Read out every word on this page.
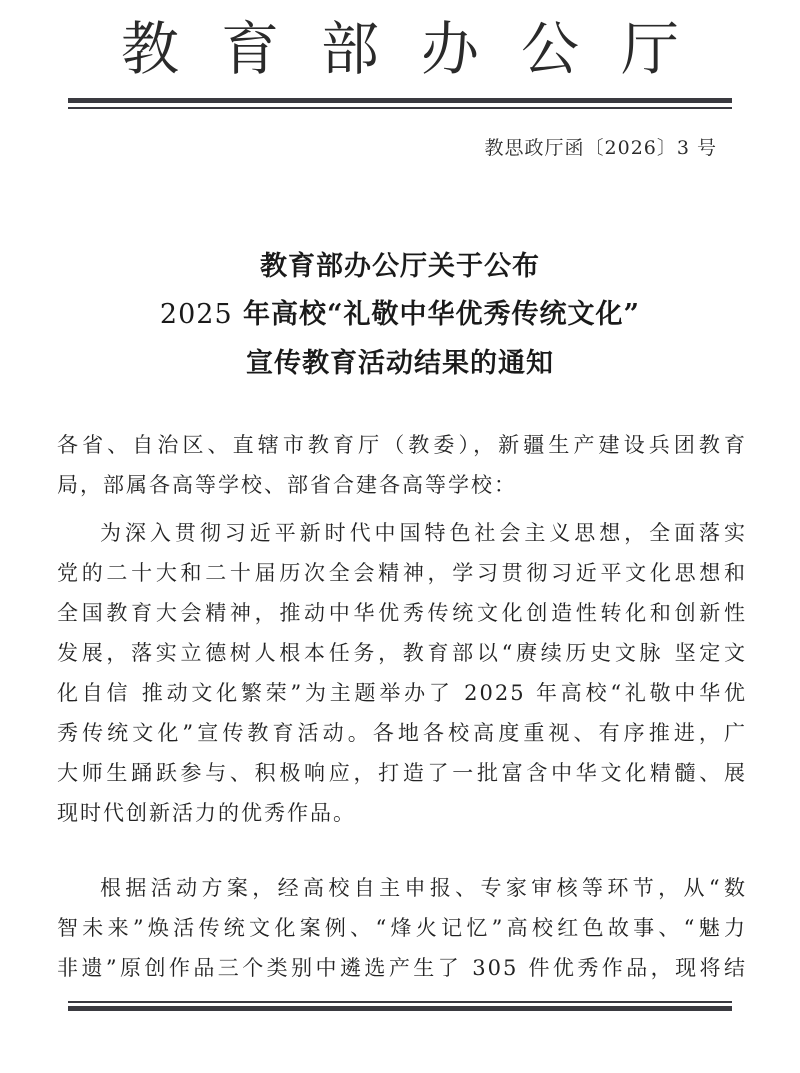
教育部办公厅
教思政厅函〔2026〕3 号
教育部办公厅关于公布
2025 年高校“礼敬中华优秀传统文化”
宣传教育活动结果的通知
各省、自治区、直辖市教育厅（教委），新疆生产建设兵团教育
局，部属各高等学校、部省合建各高等学校：
为深入贯彻习近平新时代中国特色社会主义思想，全面落实
党的二十大和二十届历次全会精神，学习贯彻习近平文化思想和
全国教育大会精神，推动中华优秀传统文化创造性转化和创新性
发展，落实立德树人根本任务，教育部以“赓续历史文脉 坚定文
化自信 推动文化繁荣”为主题举办了 2025 年高校“礼敬中华优
秀传统文化”宣传教育活动。各地各校高度重视、有序推进，广
大师生踊跃参与、积极响应，打造了一批富含中华文化精髓、展
现时代创新活力的优秀作品。
根据活动方案，经高校自主申报、专家审核等环节，从“数
智未来”焕活传统文化案例、“烽火记忆”高校红色故事、“魅力
非遗”原创作品三个类别中遴选产生了 305 件优秀作品，现将结
